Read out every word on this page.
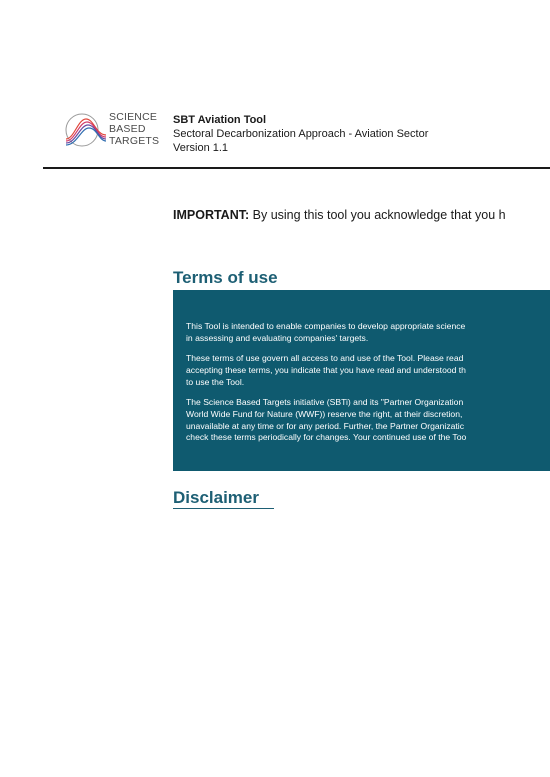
SCIENCE
BASED
TARGETS
SBT Aviation Tool
Sectoral Decarbonization Approach - Aviation Sector
Version 1.1
IMPORTANT: By using this tool you acknowledge that you h
Terms of use
This Tool is intended to enable companies to develop appropriate science
in assessing and evaluating companies' targets.
These terms of use govern all access to and use of the Tool. Please read
accepting these terms, you indicate that you have read and understood th
to use the Tool.
The Science Based Targets initiative (SBTi) and its "Partner Organization
World Wide Fund for Nature (WWF)) reserve the right, at their discretion,
unavailable at any time or for any period. Further, the Partner Organizatic
check these terms periodically for changes. Your continued use of the Too
Disclaimer
